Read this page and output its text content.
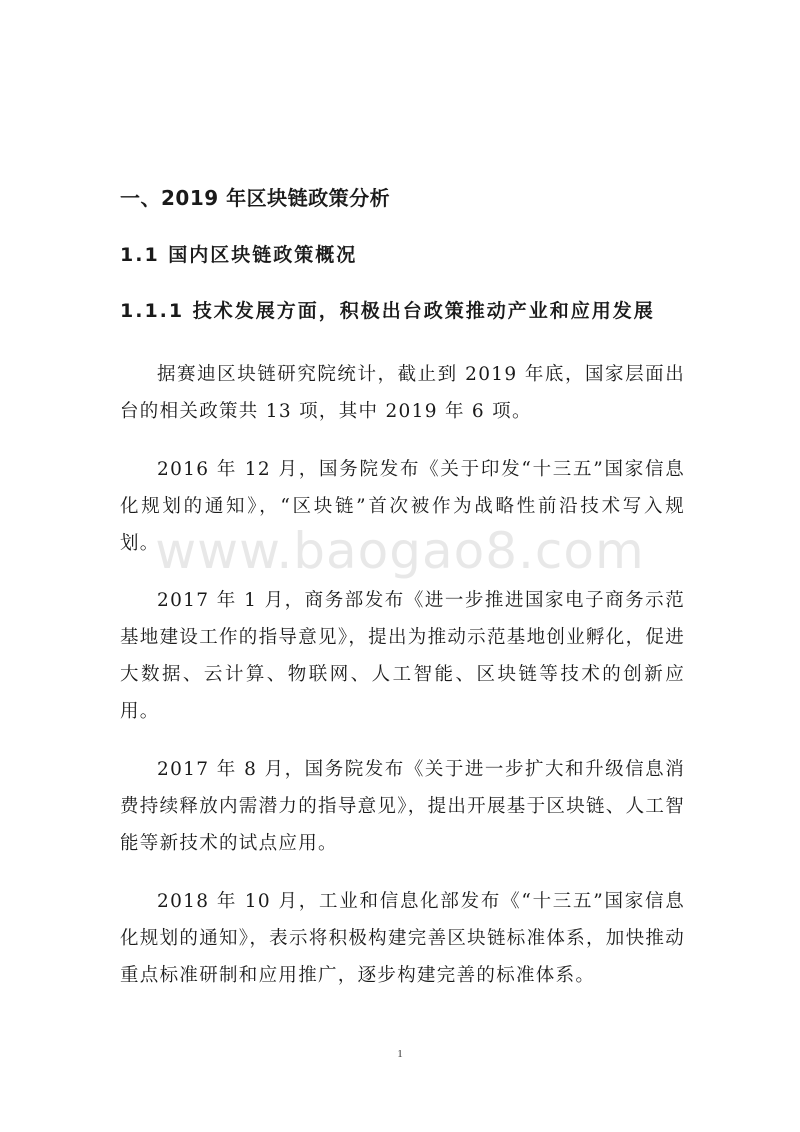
一、2019 年区块链政策分析
1.1 国内区块链政策概况
1.1.1 技术发展方面，积极出台政策推动产业和应用发展

据赛迪区块链研究院统计，截止到 2019 年底，国家层面出台的相关政策共 13 项，其中 2019 年 6 项。

2016 年 12 月，国务院发布《关于印发“十三五”国家信息化规划的通知》，“区块链”首次被作为战略性前沿技术写入规划。

2017 年 1 月，商务部发布《进一步推进国家电子商务示范基地建设工作的指导意见》，提出为推动示范基地创业孵化，促进大数据、云计算、物联网、人工智能、区块链等技术的创新应用。

2017 年 8 月，国务院发布《关于进一步扩大和升级信息消费持续释放内需潜力的指导意见》，提出开展基于区块链、人工智能等新技术的试点应用。

2018 年 10 月，工业和信息化部发布《“十三五”国家信息化规划的通知》，表示将积极构建完善区块链标准体系，加快推动重点标准研制和应用推广，逐步构建完善的标准体系。

www.baogao8.com
1
